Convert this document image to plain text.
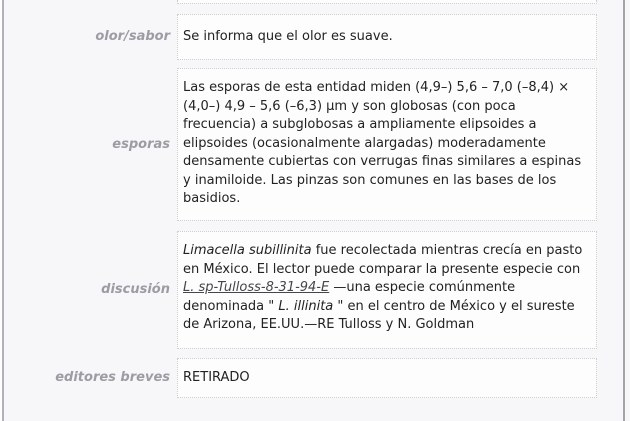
olor/sabor Se informa que el olor es suave.

esporas

Las esporas de esta entidad miden (4,9–) 5,6 – 7,0 (–8,4) × (4,0–) 4,9 – 5,6 (–6,3) µm y son globosas (con poca frecuencia) a subglobosas a ampliamente elipsoides a elipsoides (ocasionalmente alargadas) moderadamente densamente cubiertas con verrugas finas similares a espinas y inamiloide. Las pinzas son comunes en las bases de los basidios.

discusión

Limacella subillinita fue recolectada mientras crecía en pasto en México. El lector puede comparar la presente especie con L. sp-Tulloss-8-31-94-E —una especie comúnmente denominada " L. illinita " en el centro de México y el sureste de Arizona, EE.UU.—RE Tulloss y N. Goldman

editores breves RETIRADO
